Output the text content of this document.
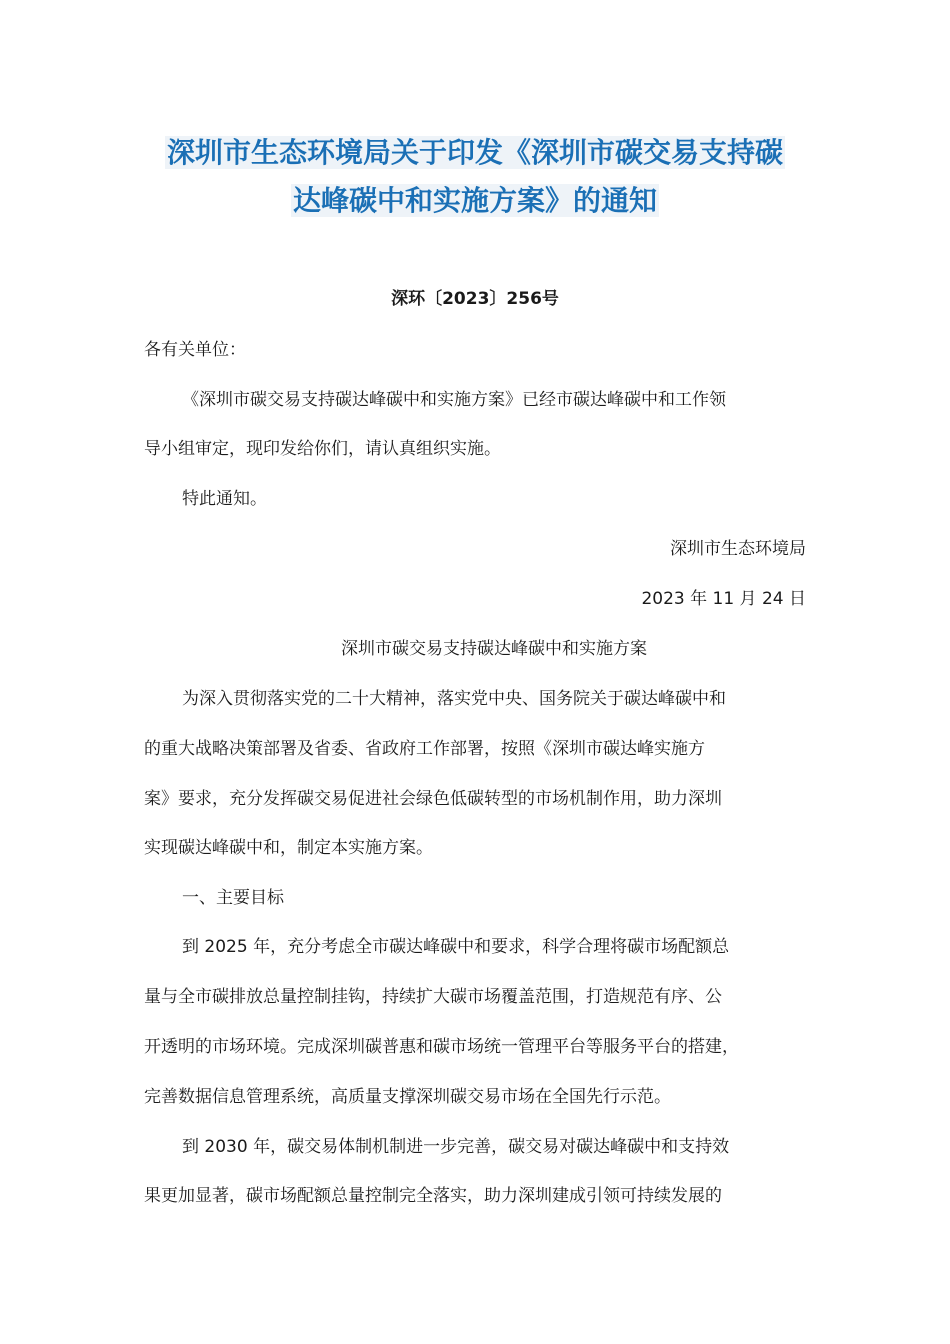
深圳市生态环境局关于印发《深圳市碳交易支持碳
达峰碳中和实施方案》的通知
深环〔2023〕256号
各有关单位：
《深圳市碳交易支持碳达峰碳中和实施方案》已经市碳达峰碳中和工作领
导小组审定，现印发给你们，请认真组织实施。
特此通知。
深圳市生态环境局
2023 年 11 月 24 日
深圳市碳交易支持碳达峰碳中和实施方案
为深入贯彻落实党的二十大精神，落实党中央、国务院关于碳达峰碳中和
的重大战略决策部署及省委、省政府工作部署，按照《深圳市碳达峰实施方
案》要求，充分发挥碳交易促进社会绿色低碳转型的市场机制作用，助力深圳
实现碳达峰碳中和，制定本实施方案。
一、主要目标
到 2025 年，充分考虑全市碳达峰碳中和要求，科学合理将碳市场配额总
量与全市碳排放总量控制挂钩，持续扩大碳市场覆盖范围，打造规范有序、公
开透明的市场环境。完成深圳碳普惠和碳市场统一管理平台等服务平台的搭建，
完善数据信息管理系统，高质量支撑深圳碳交易市场在全国先行示范。
到 2030 年，碳交易体制机制进一步完善，碳交易对碳达峰碳中和支持效
果更加显著，碳市场配额总量控制完全落实，助力深圳建成引领可持续发展的
